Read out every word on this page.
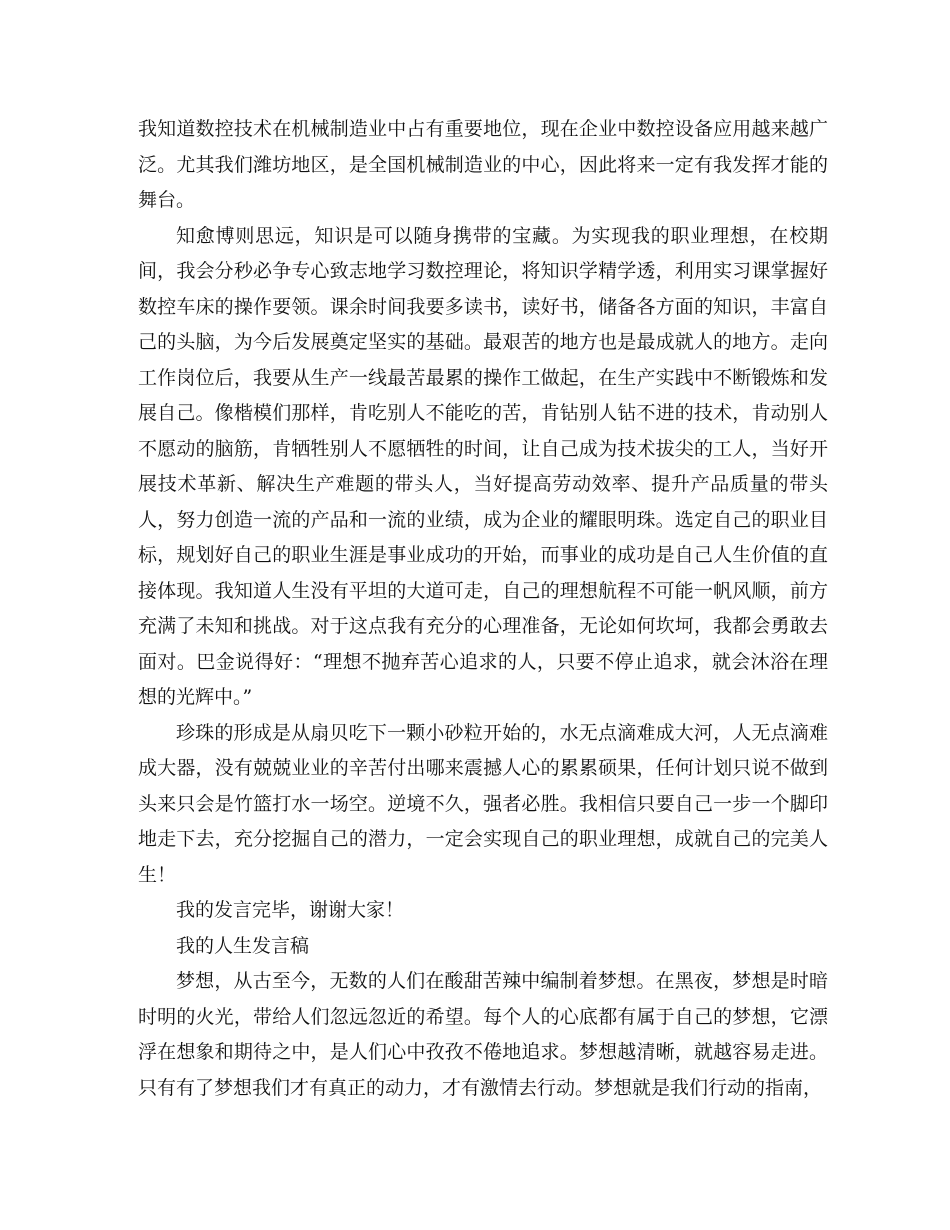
我知道数控技术在机械制造业中占有重要地位，现在企业中数控设备应用越来越广泛。尤其我们潍坊地区，是全国机械制造业的中心，因此将来一定有我发挥才能的舞台。

知愈博则思远，知识是可以随身携带的宝藏。为实现我的职业理想，在校期间，我会分秒必争专心致志地学习数控理论，将知识学精学透，利用实习课掌握好数控车床的操作要领。课余时间我要多读书，读好书，储备各方面的知识，丰富自己的头脑，为今后发展奠定坚实的基础。最艰苦的地方也是最成就人的地方。走向工作岗位后，我要从生产一线最苦最累的操作工做起，在生产实践中不断锻炼和发展自己。像楷模们那样，肯吃别人不能吃的苦，肯钻别人钻不进的技术，肯动别人不愿动的脑筋，肯牺牲别人不愿牺牲的时间，让自己成为技术拔尖的工人，当好开展技术革新、解决生产难题的带头人，当好提高劳动效率、提升产品质量的带头人，努力创造一流的产品和一流的业绩，成为企业的耀眼明珠。选定自己的职业目标，规划好自己的职业生涯是事业成功的开始，而事业的成功是自己人生价值的直接体现。我知道人生没有平坦的大道可走，自己的理想航程不可能一帆风顺，前方充满了未知和挑战。对于这点我有充分的心理准备，无论如何坎坷，我都会勇敢去面对。巴金说得好：“理想不抛弃苦心追求的人，只要不停止追求，就会沐浴在理想的光辉中。”

珍珠的形成是从扇贝吃下一颗小砂粒开始的，水无点滴难成大河，人无点滴难成大器，没有兢兢业业的辛苦付出哪来震撼人心的累累硕果，任何计划只说不做到头来只会是竹篮打水一场空。逆境不久，强者必胜。我相信只要自己一步一个脚印地走下去，充分挖掘自己的潜力，一定会实现自己的职业理想，成就自己的完美人生！

我的发言完毕，谢谢大家！

我的人生发言稿

梦想，从古至今，无数的人们在酸甜苦辣中编制着梦想。在黑夜，梦想是时暗时明的火光，带给人们忽远忽近的希望。每个人的心底都有属于自己的梦想，它漂浮在想象和期待之中，是人们心中孜孜不倦地追求。梦想越清晰，就越容易走进。只有有了梦想我们才有真正的动力，才有激情去行动。梦想就是我们行动的指南，
